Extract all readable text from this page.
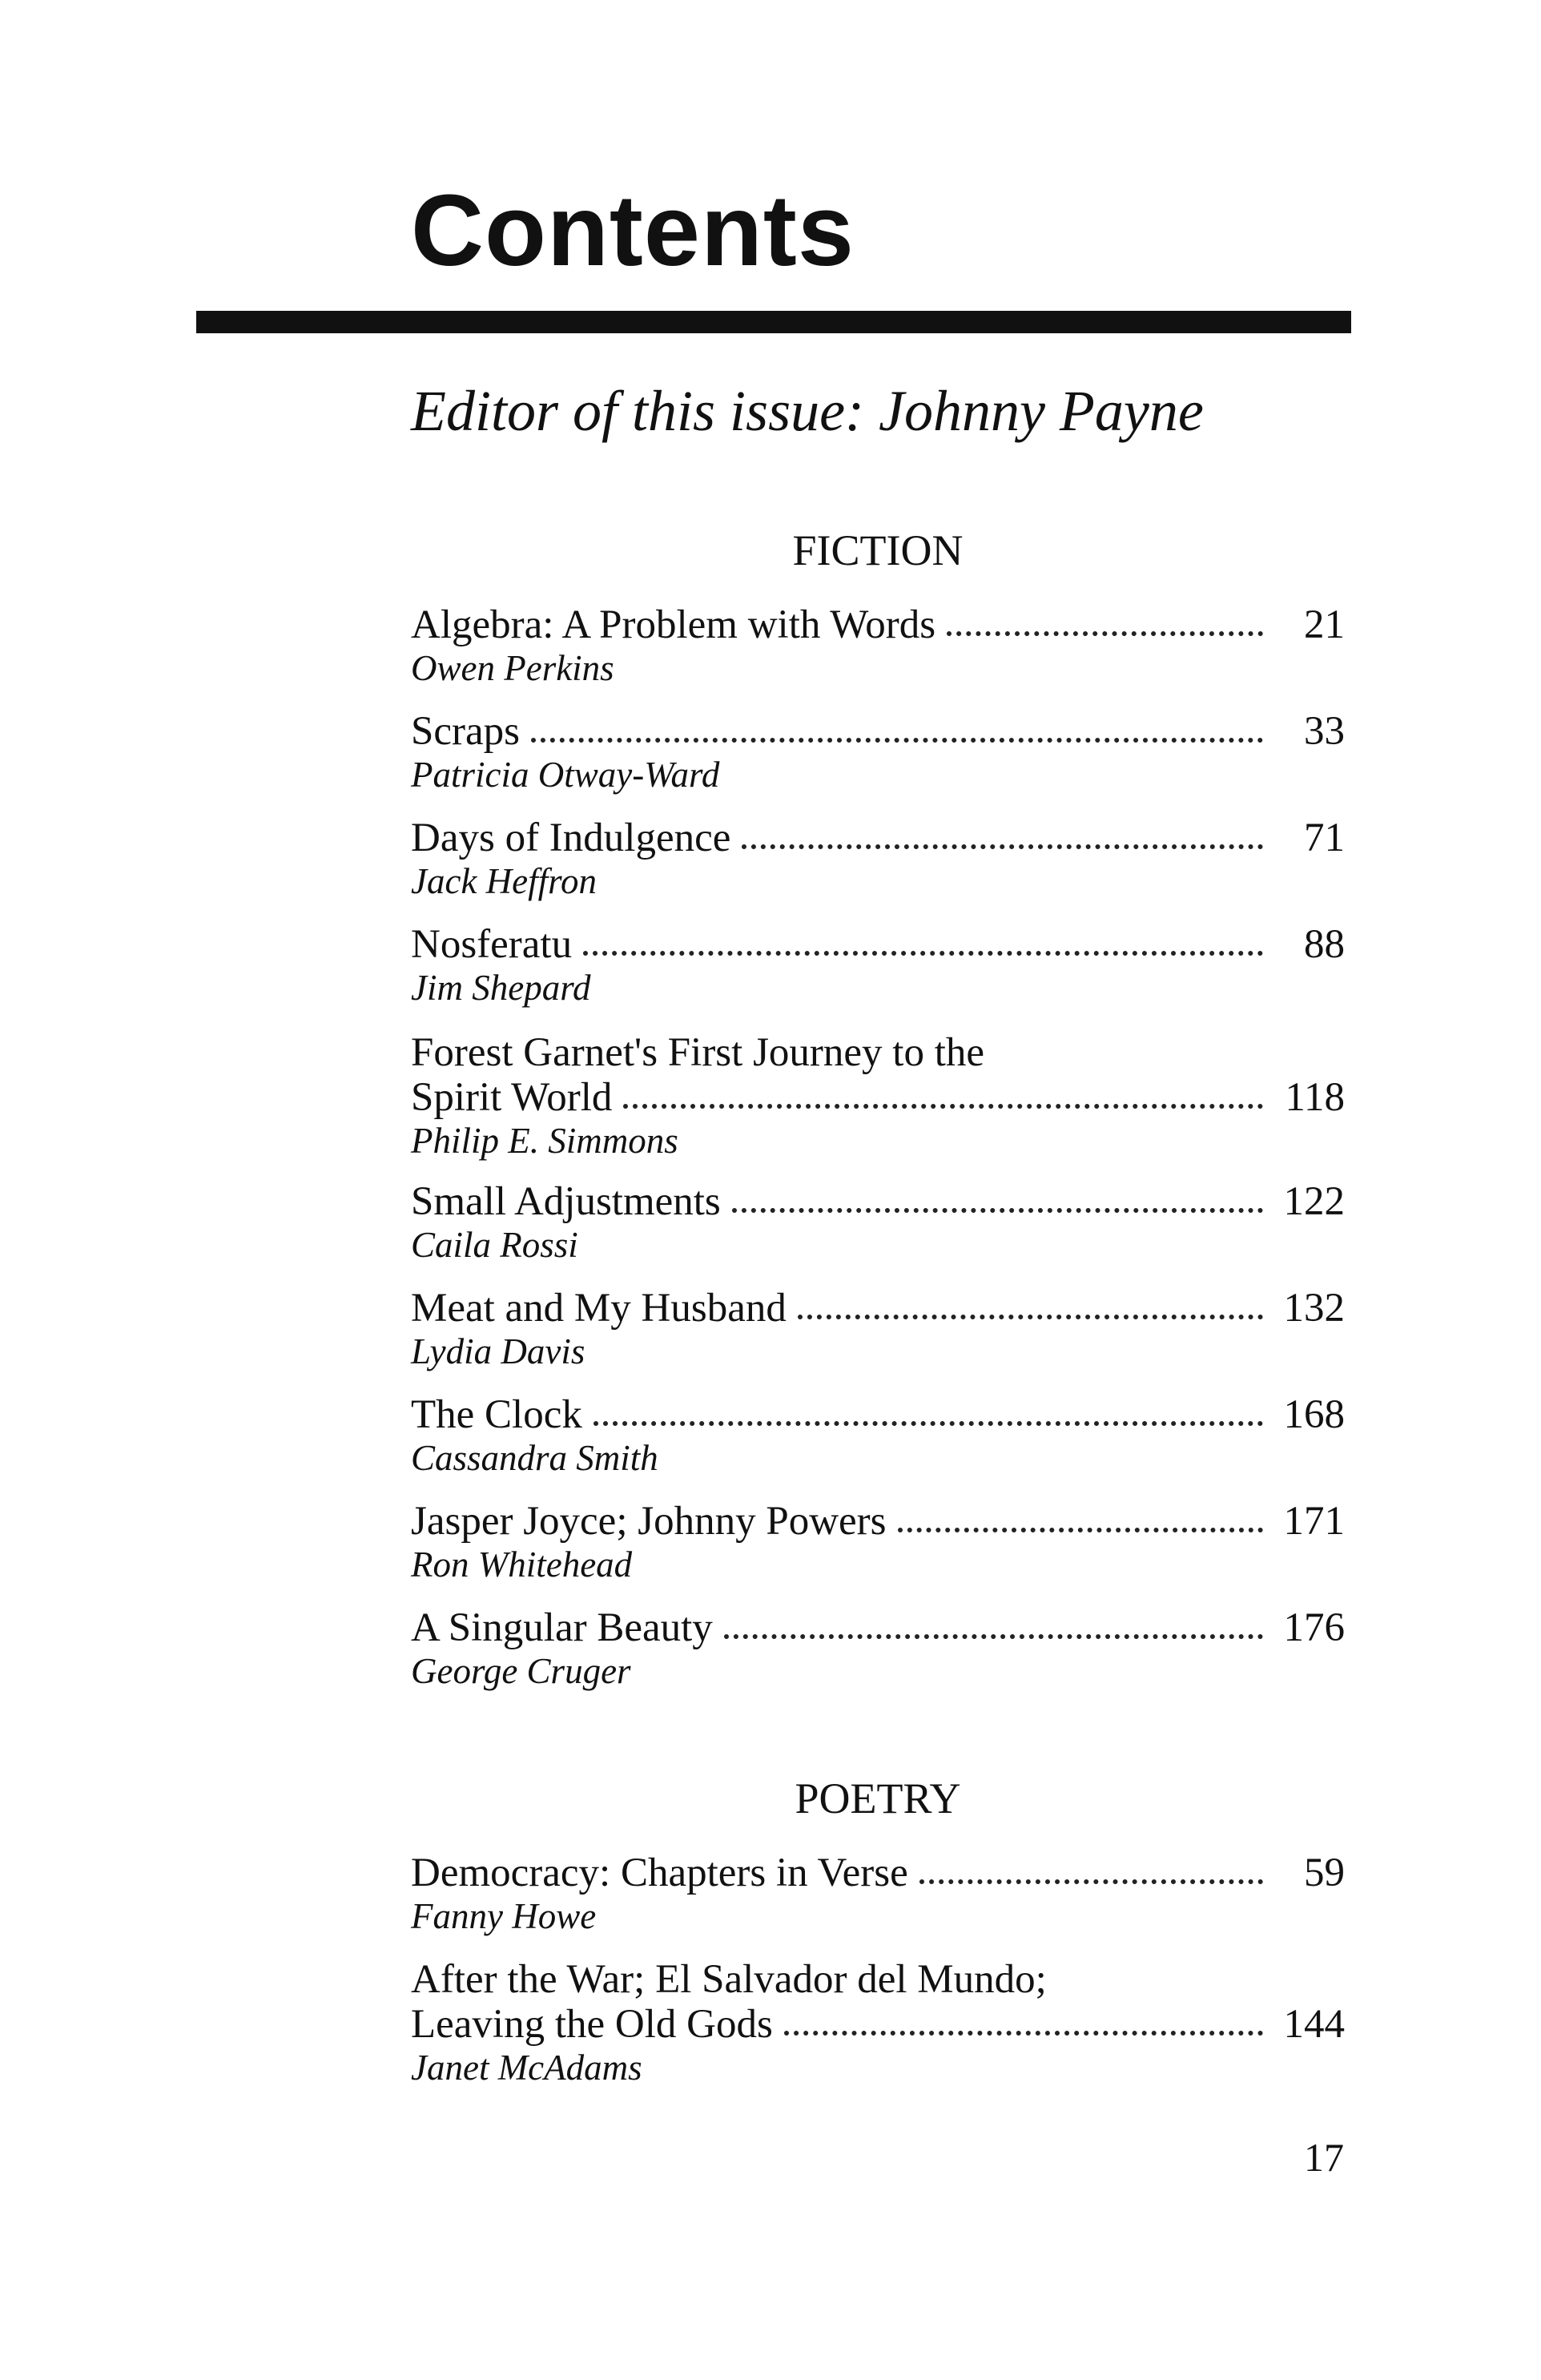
Contents
Editor of this issue: Johnny Payne
FICTION
Algebra: A Problem with Words	21
Owen Perkins
Scraps	33
Patricia Otway-Ward
Days of Indulgence	71
Jack Heffron
Nosferatu	88
Jim Shepard
Forest Garnet's First Journey to the
Spirit World	118
Philip E. Simmons
Small Adjustments	122
Caila Rossi
Meat and My Husband	132
Lydia Davis
The Clock	168
Cassandra Smith
Jasper Joyce; Johnny Powers	171
Ron Whitehead
A Singular Beauty	176
George Cruger
POETRY
Democracy: Chapters in Verse	59
Fanny Howe
After the War; El Salvador del Mundo;
Leaving the Old Gods	144
Janet McAdams
17
